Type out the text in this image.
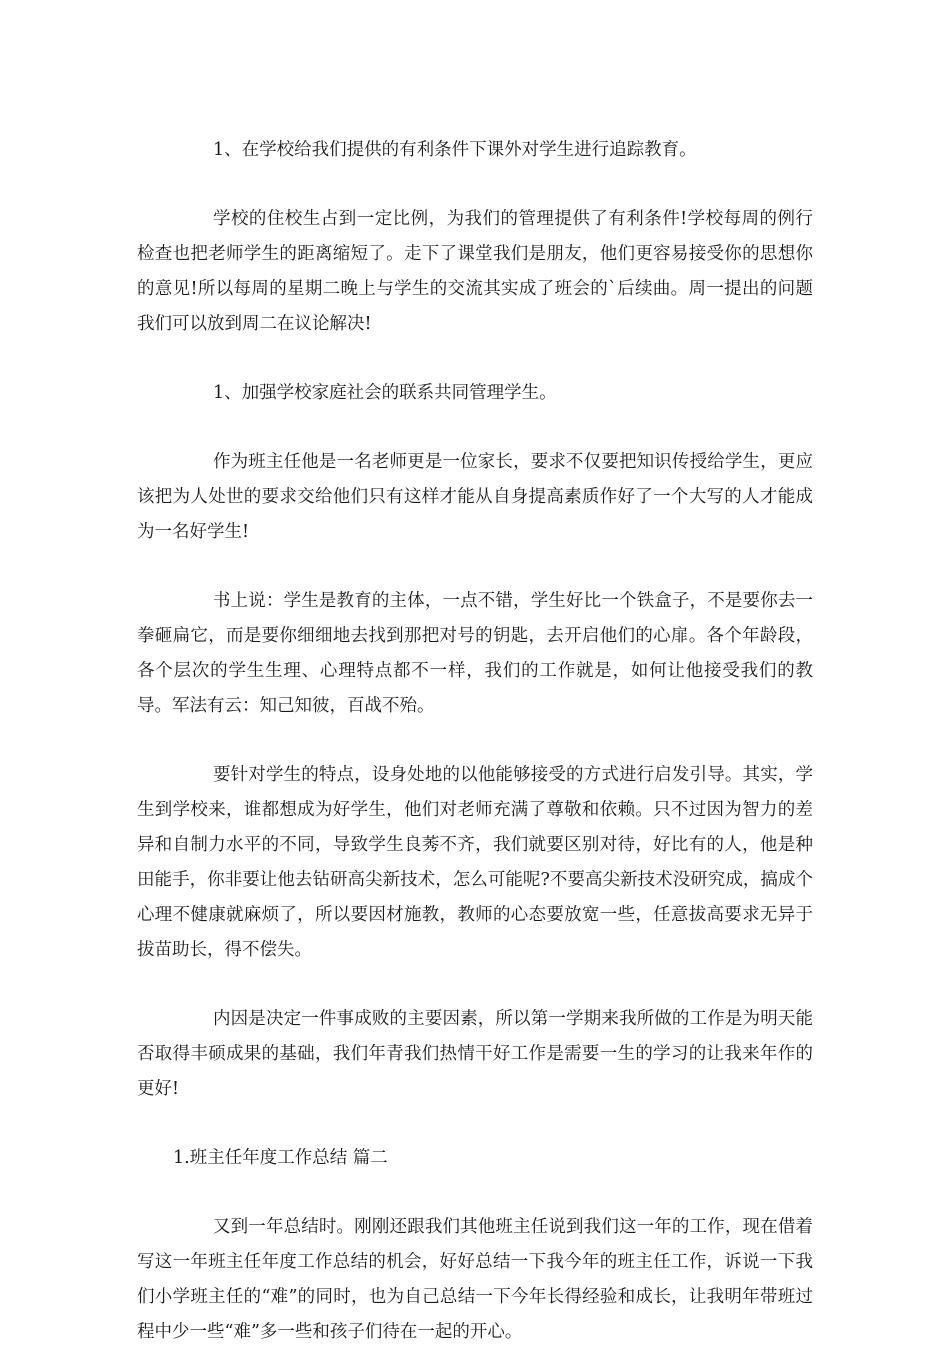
1、在学校给我们提供的有利条件下课外对学生进行追踪教育。

学校的住校生占到一定比例，为我们的管理提供了有利条件!学校每周的例行检查也把老师学生的距离缩短了。走下了课堂我们是朋友，他们更容易接受你的思想你的意见!所以每周的星期二晚上与学生的交流其实成了班会的`后续曲。周一提出的问题我们可以放到周二在议论解决!

1、加强学校家庭社会的联系共同管理学生。

作为班主任他是一名老师更是一位家长，要求不仅要把知识传授给学生，更应该把为人处世的要求交给他们只有这样才能从自身提高素质作好了一个大写的人才能成为一名好学生!

书上说：学生是教育的主体，一点不错，学生好比一个铁盒子，不是要你去一拳砸扁它，而是要你细细地去找到那把对号的钥匙，去开启他们的心扉。各个年龄段，各个层次的学生生理、心理特点都不一样，我们的工作就是，如何让他接受我们的教导。军法有云：知己知彼，百战不殆。

要针对学生的特点，设身处地的以他能够接受的方式进行启发引导。其实，学生到学校来，谁都想成为好学生，他们对老师充满了尊敬和依赖。只不过因为智力的差异和自制力水平的不同，导致学生良莠不齐，我们就要区别对待，好比有的人，他是种田能手，你非要让他去钻研高尖新技术，怎么可能呢?不要高尖新技术没研究成，搞成个心理不健康就麻烦了，所以要因材施教，教师的心态要放宽一些，任意拔高要求无异于拔苗助长，得不偿失。

内因是决定一件事成败的主要因素，所以第一学期来我所做的工作是为明天能否取得丰硕成果的基础，我们年青我们热情干好工作是需要一生的学习的让我来年作的更好!

1.班主任年度工作总结 篇二

又到一年总结时。刚刚还跟我们其他班主任说到我们这一年的工作，现在借着写这一年班主任年度工作总结的机会，好好总结一下我今年的班主任工作，诉说一下我们小学班主任的“难”的同时，也为自己总结一下今年长得经验和成长，让我明年带班过程中少一些“难”多一些和孩子们待在一起的开心。
